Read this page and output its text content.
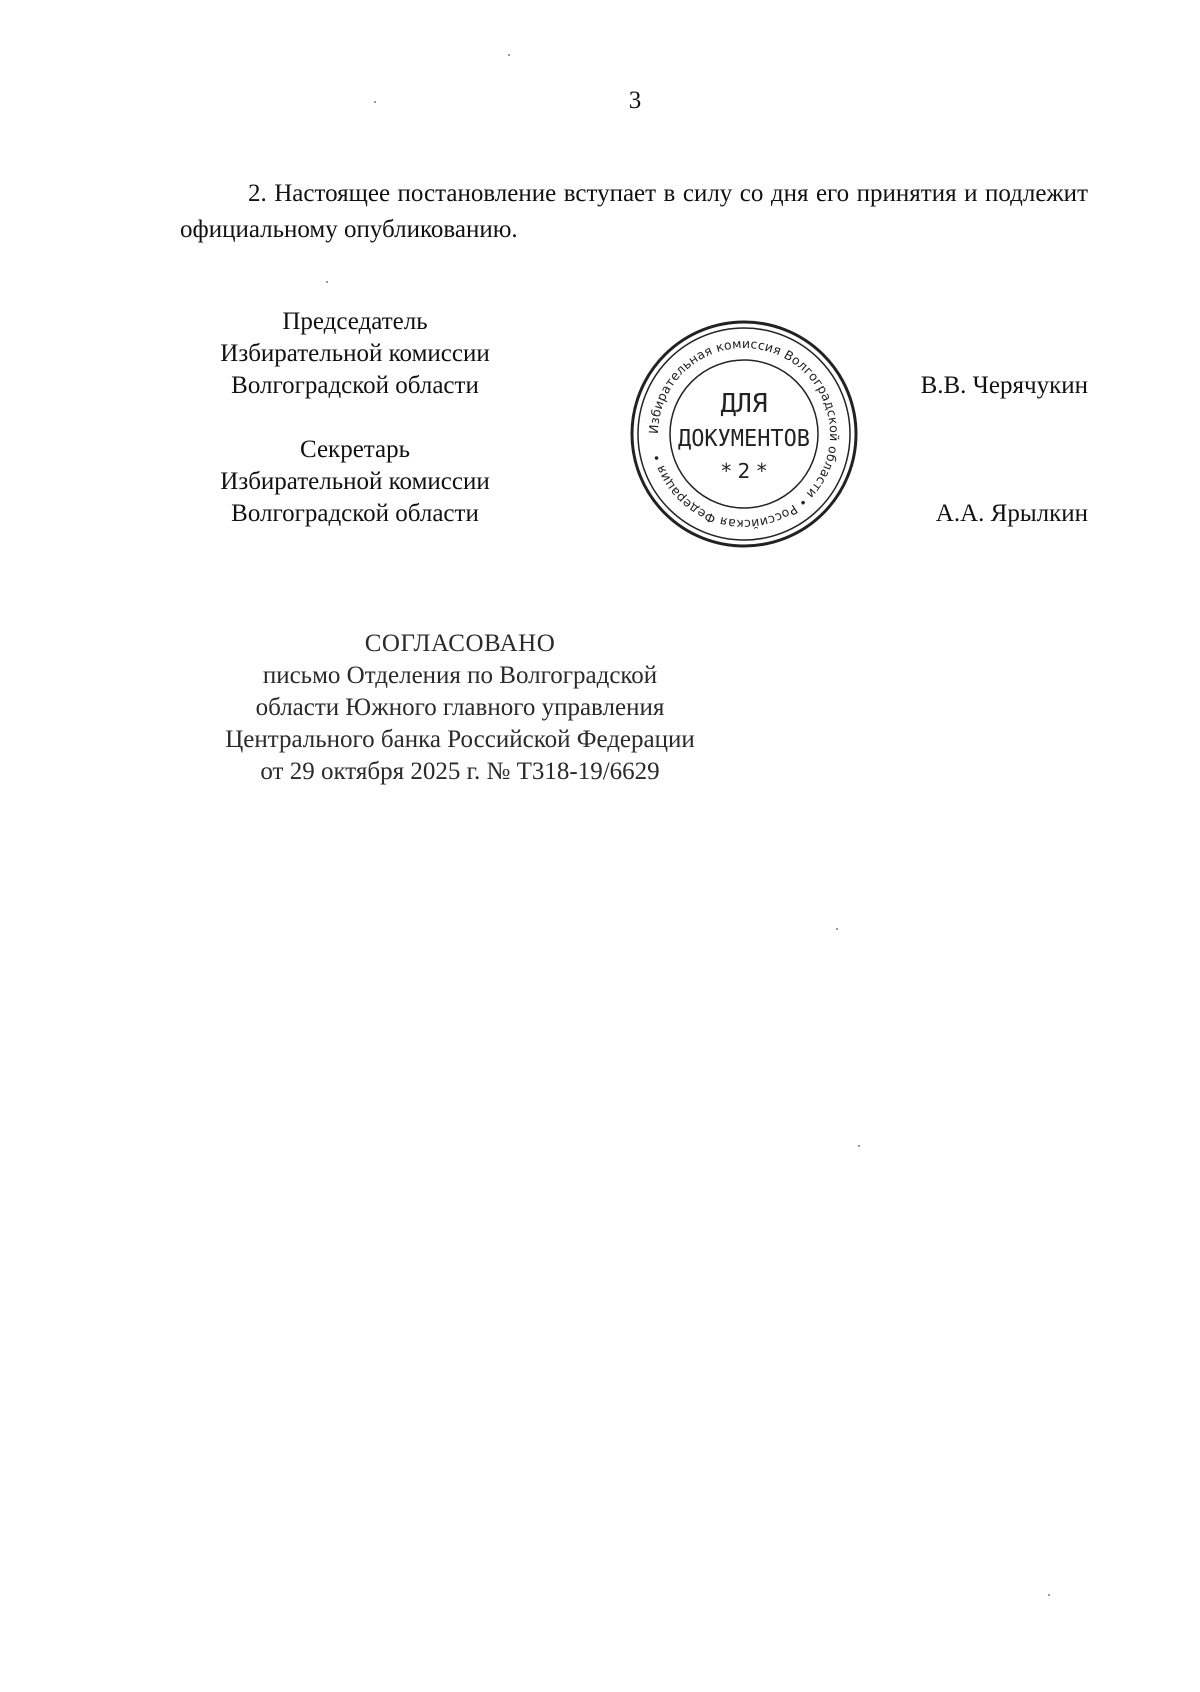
3

2. Настоящее постановление вступает в силу со дня его принятия и подлежит официальному опубликованию.

Председатель
Избирательной комиссии
Волгоградской области	В.В. Черячукин
Секретарь
Избирательной комиссии
Волгоградской области	А.А. Ярылкин
Избирательная комиссия Волгоградской области • Российская Федерация •
ДЛЯ
ДОКУМЕНТОВ
* 2 *
СОГЛАСОВАНО
письмо Отделения по Волгоградской
области Южного главного управления
Центрального банка Российской Федерации
от 29 октября 2025 г. № Т318-19/6629
